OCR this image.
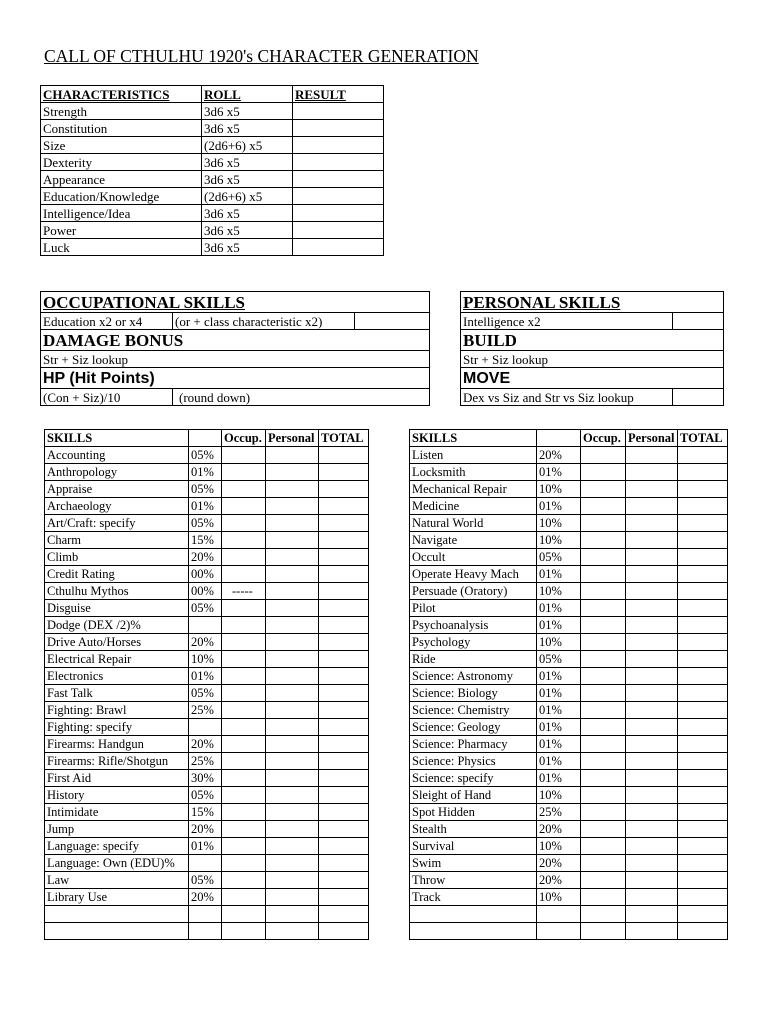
CALL OF CTHULHU 1920's CHARACTER GENERATION
CHARACTERISTICS	ROLL	RESULT
Strength	3d6 x5	
Constitution	3d6 x5	
Size	(2d6+6) x5	
Dexterity	3d6 x5	
Appearance	3d6 x5	
Education/Knowledge	(2d6+6) x5	
Intelligence/Idea	3d6 x5	
Power	3d6 x5	
Luck	3d6 x5	
OCCUPATIONAL SKILLS		
Education x2 or x4	(or + class characteristic x2)	
DAMAGE BONUS		
Str + Siz lookup		
HP (Hit Points)		
(Con + Siz)/10	(round down)	
PERSONAL SKILLS	
Intelligence x2	
BUILD	
Str + Siz lookup	
MOVE	
Dex vs Siz and Str vs Siz lookup	
SKILLS		Occup.	Personal	TOTAL
Accounting	05%			
Anthropology	01%			
Appraise	05%			
Archaeology	01%			
Art/Craft: specify	05%			
Charm	15%			
Climb	20%			
Credit Rating	00%			
Cthulhu Mythos	00%	-----		
Disguise	05%			
Dodge (DEX /2)%				
Drive Auto/Horses	20%			
Electrical Repair	10%			
Electronics	01%			
Fast Talk	05%			
Fighting: Brawl	25%			
Fighting: specify				
Firearms: Handgun	20%			
Firearms: Rifle/Shotgun	25%			
First Aid	30%			
History	05%			
Intimidate	15%			
Jump	20%			
Language: specify	01%			
Language: Own (EDU)%				
Law	05%			
Library Use	20%			

SKILLS		Occup.	Personal	TOTAL
Listen	20%			
Locksmith	01%			
Mechanical Repair	10%			
Medicine	01%			
Natural World	10%			
Navigate	10%			
Occult	05%			
Operate Heavy Mach	01%			
Persuade (Oratory)	10%			
Pilot	01%			
Psychoanalysis	01%			
Psychology	10%			
Ride	05%			
Science: Astronomy	01%			
Science: Biology	01%			
Science: Chemistry	01%			
Science: Geology	01%			
Science: Pharmacy	01%			
Science: Physics	01%			
Science: specify	01%			
Sleight of Hand	10%			
Spot Hidden	25%			
Stealth	20%			
Survival	10%			
Swim	20%			
Throw	20%			
Track	10%			
